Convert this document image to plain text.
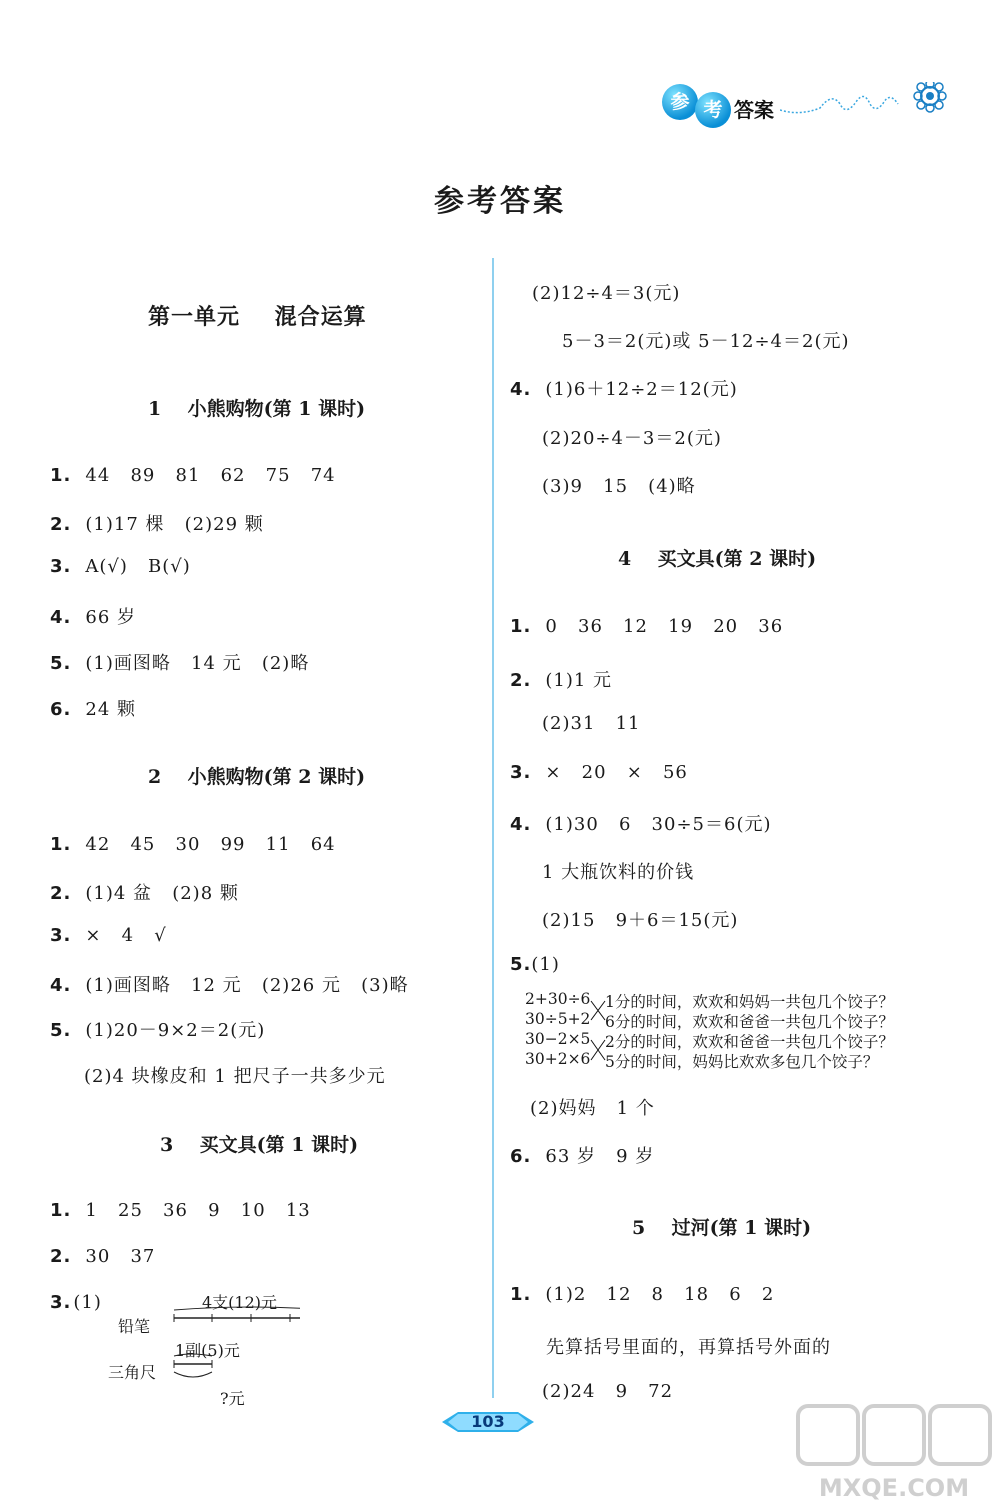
参 考 答案
参考答案
第一单元    混合运算
1    小熊购物(第 1 课时)
1. 44   89   81   62   75   74
2. (1)17 棵   (2)29 颗
3. A(√)   B(√)
4. 66 岁
5. (1)画图略   14 元   (2)略
6. 24 颗
2    小熊购物(第 2 课时)
1. 42   45   30   99   11   64
2. (1)4 盆   (2)8 颗
3. ×   4   √
4. (1)画图略   12 元   (2)26 元   (3)略
5. (1)20－9×2＝2(元)
(2)4 块橡皮和 1 把尺子一共多少元
3    买文具(第 1 课时)
1. 1   25   36   9   10   13
2. 30   37
3. (1)	4支(12)元
铅笔
1副(5)元
三角尺
?元
(2)12÷4＝3(元)
5－3＝2(元)或 5－12÷4＝2(元)
4. (1)6＋12÷2＝12(元)
(2)20÷4－3＝2(元)
(3)9   15   (4)略
4    买文具(第 2 课时)
1. 0   36   12   19   20   36
2. (1)1 元
(2)31   11
3. ×   20   ×   56
4. (1)30   6   30÷5＝6(元)
1 大瓶饮料的价钱
(2)15   9＋6＝15(元)
5.(1)
2+30÷6
30÷5+2
30−2×5
30+2×6
1分的时间，欢欢和妈妈一共包几个饺子？
6分的时间，欢欢和爸爸一共包几个饺子？
2分的时间，欢欢和爸爸一共包几个饺子？
5分的时间，妈妈比欢欢多包几个饺子？
(2)妈妈   1 个
6. 63 岁   9 岁
5    过河(第 1 课时)
1. (1)2   12   8   18   6   2
先算括号里面的，再算括号外面的
(2)24   9   72
103
MXQE.COM
